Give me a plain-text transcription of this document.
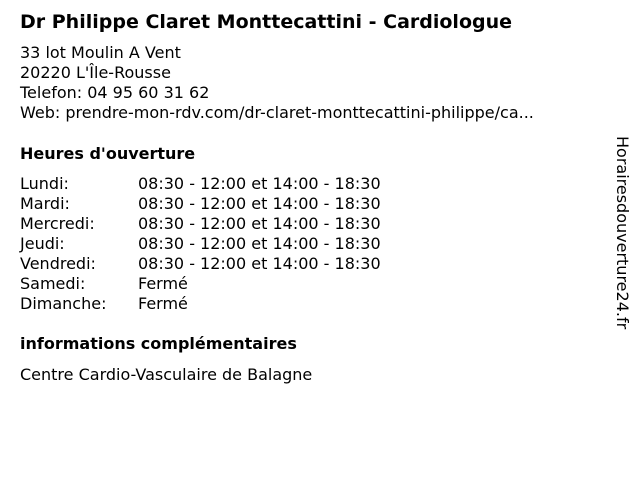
Dr Philippe Claret Monttecattini - Cardiologue
33 lot Moulin A Vent
20220 L'Île-Rousse
Telefon: 04 95 60 31 62
Web: prendre-mon-rdv.com/dr-claret-monttecattini-philippe/ca...
Heures d'ouverture
Lundi:	08:30 - 12:00 et 14:00 - 18:30
Mardi:	08:30 - 12:00 et 14:00 - 18:30
Mercredi:	08:30 - 12:00 et 14:00 - 18:30
Jeudi:	08:30 - 12:00 et 14:00 - 18:30
Vendredi:	08:30 - 12:00 et 14:00 - 18:30
Samedi:	Fermé
Dimanche: Fermé
informations complémentaires
Centre Cardio-Vasculaire de Balagne
Horairesdouverture24.fr
